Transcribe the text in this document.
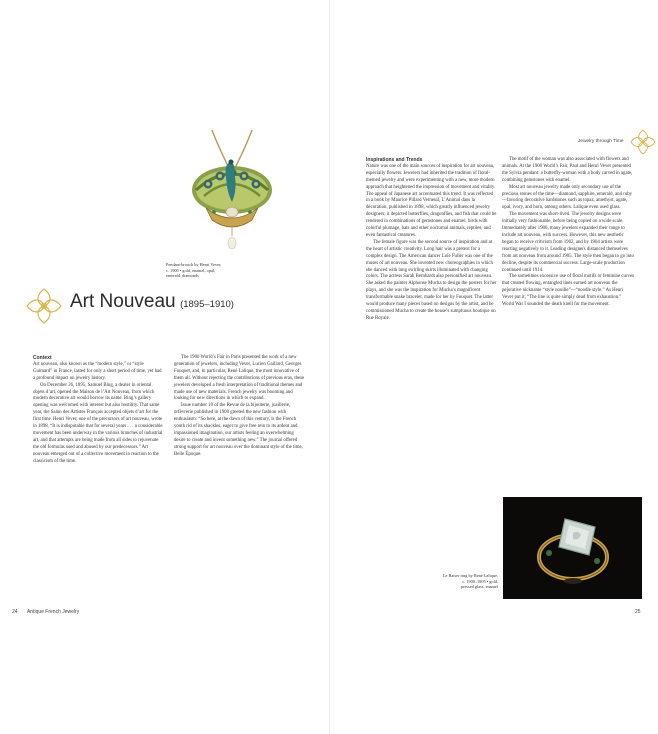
Pendant-brooch by Henri Vever,
c. 1900 • gold, enamel, opal,
emerald, diamonds
Art Nouveau (1895–1910)
Context

Art nouveau, also known as the “modern style,” or “style Guimard” in France, lasted for only a short period of time, yet had a profound impact on jewelry history.

On December 26, 1895, Samuel Bing, a dealer in oriental objets d’art, opened the Maison de l’Art Nouveau, from which modern decorative art would borrow its name. Bing’s gallery opening was welcomed with interest but also hostility. That same year, the Salon des Artistes Français accepted objets d’art for the first time. Henri Vever, one of the precursors of art nouveau, wrote in 1898, “It is indisputable that for several years . . . a considerable movement has been underway in the various branches of industrial art, and that attempts are being made from all sides to rejuvenate the old formulas used and abused by our predecessors.” Art nouveau emerged out of a collective movement in reaction to the classicism of the time.

The 1900 World’s Fair in Paris presented the work of a new generation of jewelers, including Vever, Lucien Gaillard, Georges Fouquet, and, in particular, René Lalique, the most innovative of them all. Without rejecting the contributions of previous eras, these jewelers developed a fresh interpretation of traditional themes and made use of new materials. French jewelry was booming and looking for new directions in which to expand.

Issue number 10 of the Revue de la bijouterie, joaillerie, orfèvrerie published in 1900 greeted the new fashion with enthusiasm: “So here, at the dawn of this century, is the French youth rid of its shackles, eager to give free rein to its ardent and impassioned imagination, our artists feeling an overwhelming desire to create and invent something new.” The journal offered strong support for art nouveau over the dominant style of the time, Belle Époque.

24 Antique French Jewelry
Jewelry through Time
Inspirations and Trends

Nature was one of the main sources of inspiration for art nouveau, especially flowers. Jewelers had inherited the tradition of floral-themed jewelry and were experimenting with a new, more modern approach that heightened the impression of movement and vitality. The appeal of Japanese art accentuated this trend. It was reflected in a book by Maurice Pillard Verneuil, L’Animal dans la décoration, published in 1898, which greatly influenced jewelry designers; it depicted butterflies, dragonflies, and fish that could be rendered in combinations of gemstones and enamel, birds with colorful plumage, bats and other nocturnal animals, reptiles, and even fantastical creatures.

The female figure was the second source of inspiration and at the heart of artistic creativity. Long hair was a pretext for a complex design. The American dancer Loïe Fuller was one of the muses of art nouveau. She invented new choreographies in which she danced with long swirling skirts illuminated with changing colors. The actress Sarah Bernhardt also personified art nouveau. She asked the painter Alphonse Mucha to design the posters for her plays, and she was the inspiration for Mucha’s magnificent transformable snake bracelet, made for her by Fouquet. The latter would produce many pieces based on designs by the artist, and he commissioned Mucha to create the house’s sumptuous boutique on Rue Royale.

The motif of the woman was also associated with flowers and animals. At the 1900 World’s Fair, Paul and Henri Vever presented the Sylvia pendant: a butterfly-woman with a body carved in agate, combining gemstones with enamel.

Most art nouveau jewelry made only secondary use of the precious stones of the time—diamond, sapphire, emerald, and ruby—favoring decorative hardstones such as topaz, amethyst, agate, opal, ivory, and horn, among others. Lalique even used glass.

The movement was short-lived. The jewelry designs were initially very fashionable, before being copied on a wide scale. Immediately after 1900, many jewelers expanded their range to include art nouveau, with success. However, this new aesthetic began to receive criticism from 1902, and by 1904 artists were reacting negatively to it. Leading designers distanced themselves from art nouveau from around 1905. The style then began to go into decline, despite its commercial success. Large-scale production continued until 1914.

The sometimes excessive use of floral motifs or feminine curves that created flowing, entangled lines earned art nouveau the pejorative nickname “style nouille”—“noodle style.” As Henri Vever put it, “The line is quite simply dead from exhaustion.” World War I sounded the death knell for the movement.

Le Baiser ring by René Lalique,
c. 1900–1905 • gold,
pressed glass, enamel
25
